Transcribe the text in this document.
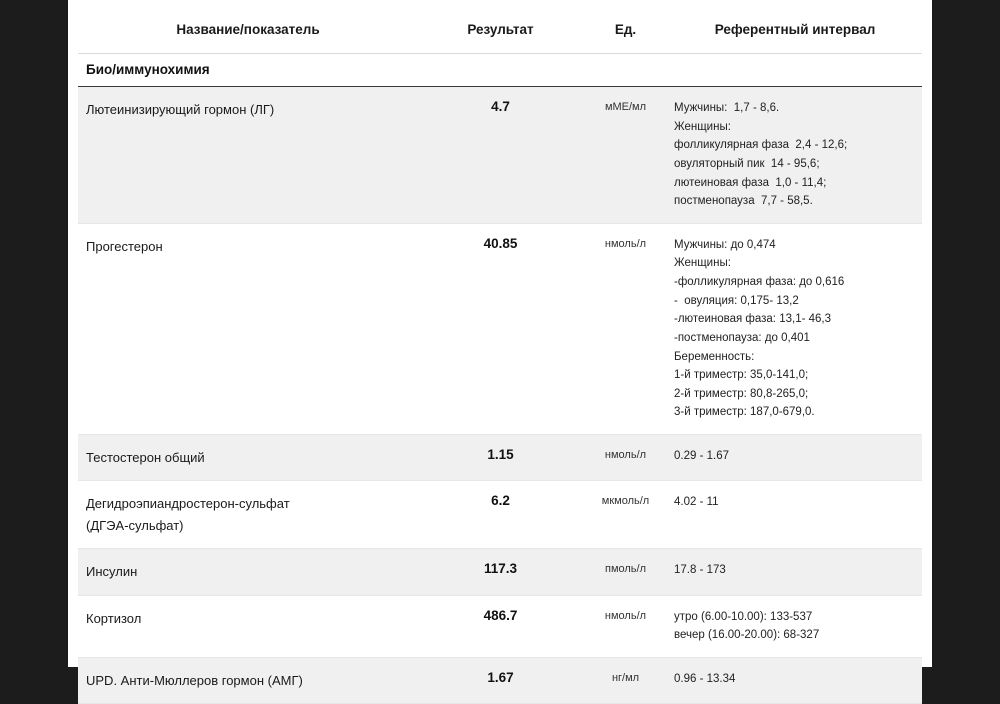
Название/показатель	Результат	Ед.	Референтный интервал
Био/иммунохимия			

Лютеинизирующий гормон (ЛГ)	4.7	мМЕ/мл	Мужчины:  1,7 - 8,6.
Женщины:
фолликулярная фаза  2,4 - 12,6;
овуляторный пик  14 - 95,6;
лютеиновая фаза  1,0 - 11,4;
постменопауза  7,7 - 58,5.

Прогестерон	40.85	нмоль/л	Мужчины: до 0,474
Женщины:
-фолликулярная фаза: до 0,616
-  овуляция: 0,175- 13,2
-лютеиновая фаза: 13,1- 46,3
-постменопауза: до 0,401
Беременность:
1-й триместр: 35,0-141,0;
2-й триместр: 80,8-265,0;
3-й триместр: 187,0-679,0.

Тестостерон общий	1.15	нмоль/л	0.29 - 1.67

Дегидроэпиандростерон-сульфат
(ДГЭА-сульфат)	6.2	мкмоль/л	4.02 - 11

Инсулин	117.3	пмоль/л	17.8 - 173

Кортизол	486.7	нмоль/л	утро (6.00-10.00): 133-537
вечер (16.00-20.00): 68-327

UPD. Анти-Мюллеров гормон (АМГ)	1.67	нг/мл	0.96 - 13.34
